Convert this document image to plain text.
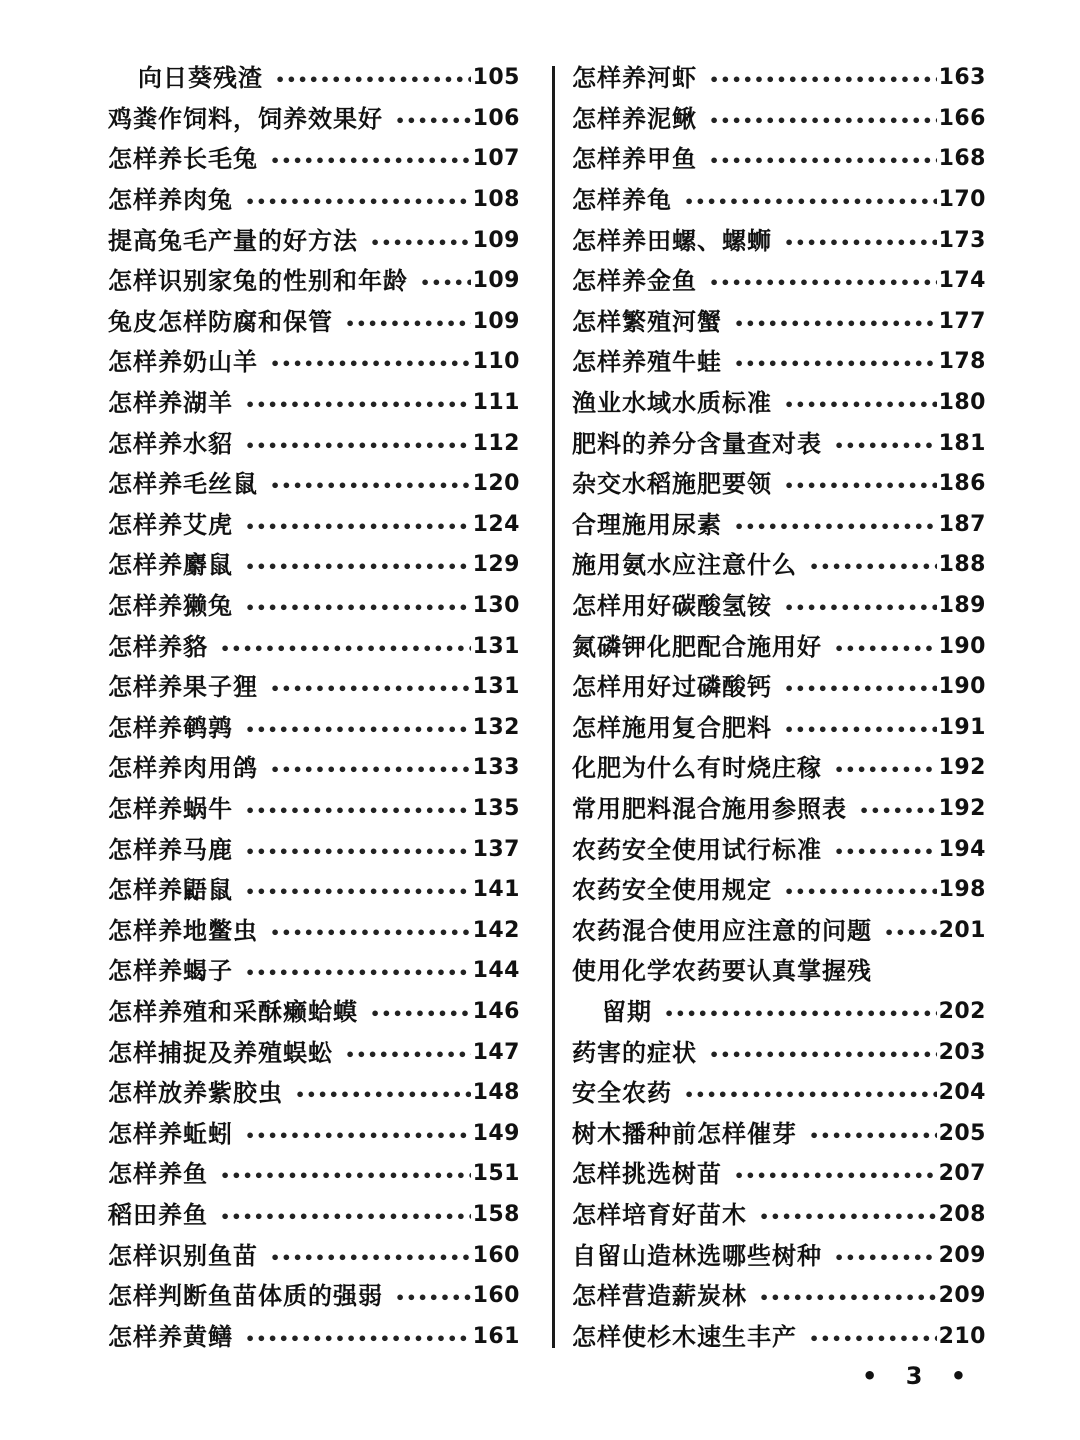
向日葵残渣 •••••	105
鸡粪作饲料，饲养效果好 •••••	106
怎样养长毛兔 •••••	107
怎样养肉兔 •••••	108
提高兔毛产量的好方法 •••••	109
怎样识别家兔的性别和年龄 •••••	109
兔皮怎样防腐和保管 •••••	109
怎样养奶山羊 •••••	110
怎样养湖羊 •••••	111
怎样养水貂 •••••	112
怎样养毛丝鼠 •••••	120
怎样养艾虎 •••••	124
怎样养麝鼠 •••••	129
怎样养獭兔 •••••	130
怎样养貉 •••••	131
怎样养果子狸 •••••	131
怎样养鹌鹑 •••••	132
怎样养肉用鸽 •••••	133
怎样养蜗牛 •••••	135
怎样养马鹿 •••••	137
怎样养鼯鼠 •••••	141
怎样养地鳖虫 •••••	142
怎样养蝎子 •••••	144
怎样养殖和采酥癞蛤蟆 •••••	146
怎样捕捉及养殖蜈蚣 •••••	147
怎样放养紫胶虫 •••••	148
怎样养蚯蚓 •••••	149
怎样养鱼 •••••	151
稻田养鱼 •••••	158
怎样识别鱼苗 •••••	160
怎样判断鱼苗体质的强弱 •••••	160
怎样养黄鳝 •••••	161
怎样养河虾 •••••	163
怎样养泥鳅 •••••	166
怎样养甲鱼 •••••	168
怎样养龟 •••••	170
怎样养田螺、螺蛳 •••••	173
怎样养金鱼 •••••	174
怎样繁殖河蟹 •••••	177
怎样养殖牛蛙 •••••	178
渔业水域水质标准 •••••	180
肥料的养分含量查对表 •••••	181
杂交水稻施肥要领 •••••	186
合理施用尿素 •••••	187
施用氨水应注意什么 •••••	188
怎样用好碳酸氢铵 •••••	189
氮磷钾化肥配合施用好 •••••	190
怎样用好过磷酸钙 •••••	190
怎样施用复合肥料 •••••	191
化肥为什么有时烧庄稼 •••••	192
常用肥料混合施用参照表 •••••	192
农药安全使用试行标准 •••••	194
农药安全使用规定 •••••	198
农药混合使用应注意的问题 •••••	201
使用化学农药要认真掌握残
留期 •••••	202
药害的症状 •••••	203
安全农药 •••••	204
树木播种前怎样催芽 •••••	205
怎样挑选树苗 •••••	207
怎样培育好苗木 •••••	208
自留山造林选哪些树种 •••••	209
怎样营造薪炭林 •••••	209
怎样使杉木速生丰产 •••••	210
• 3 •
